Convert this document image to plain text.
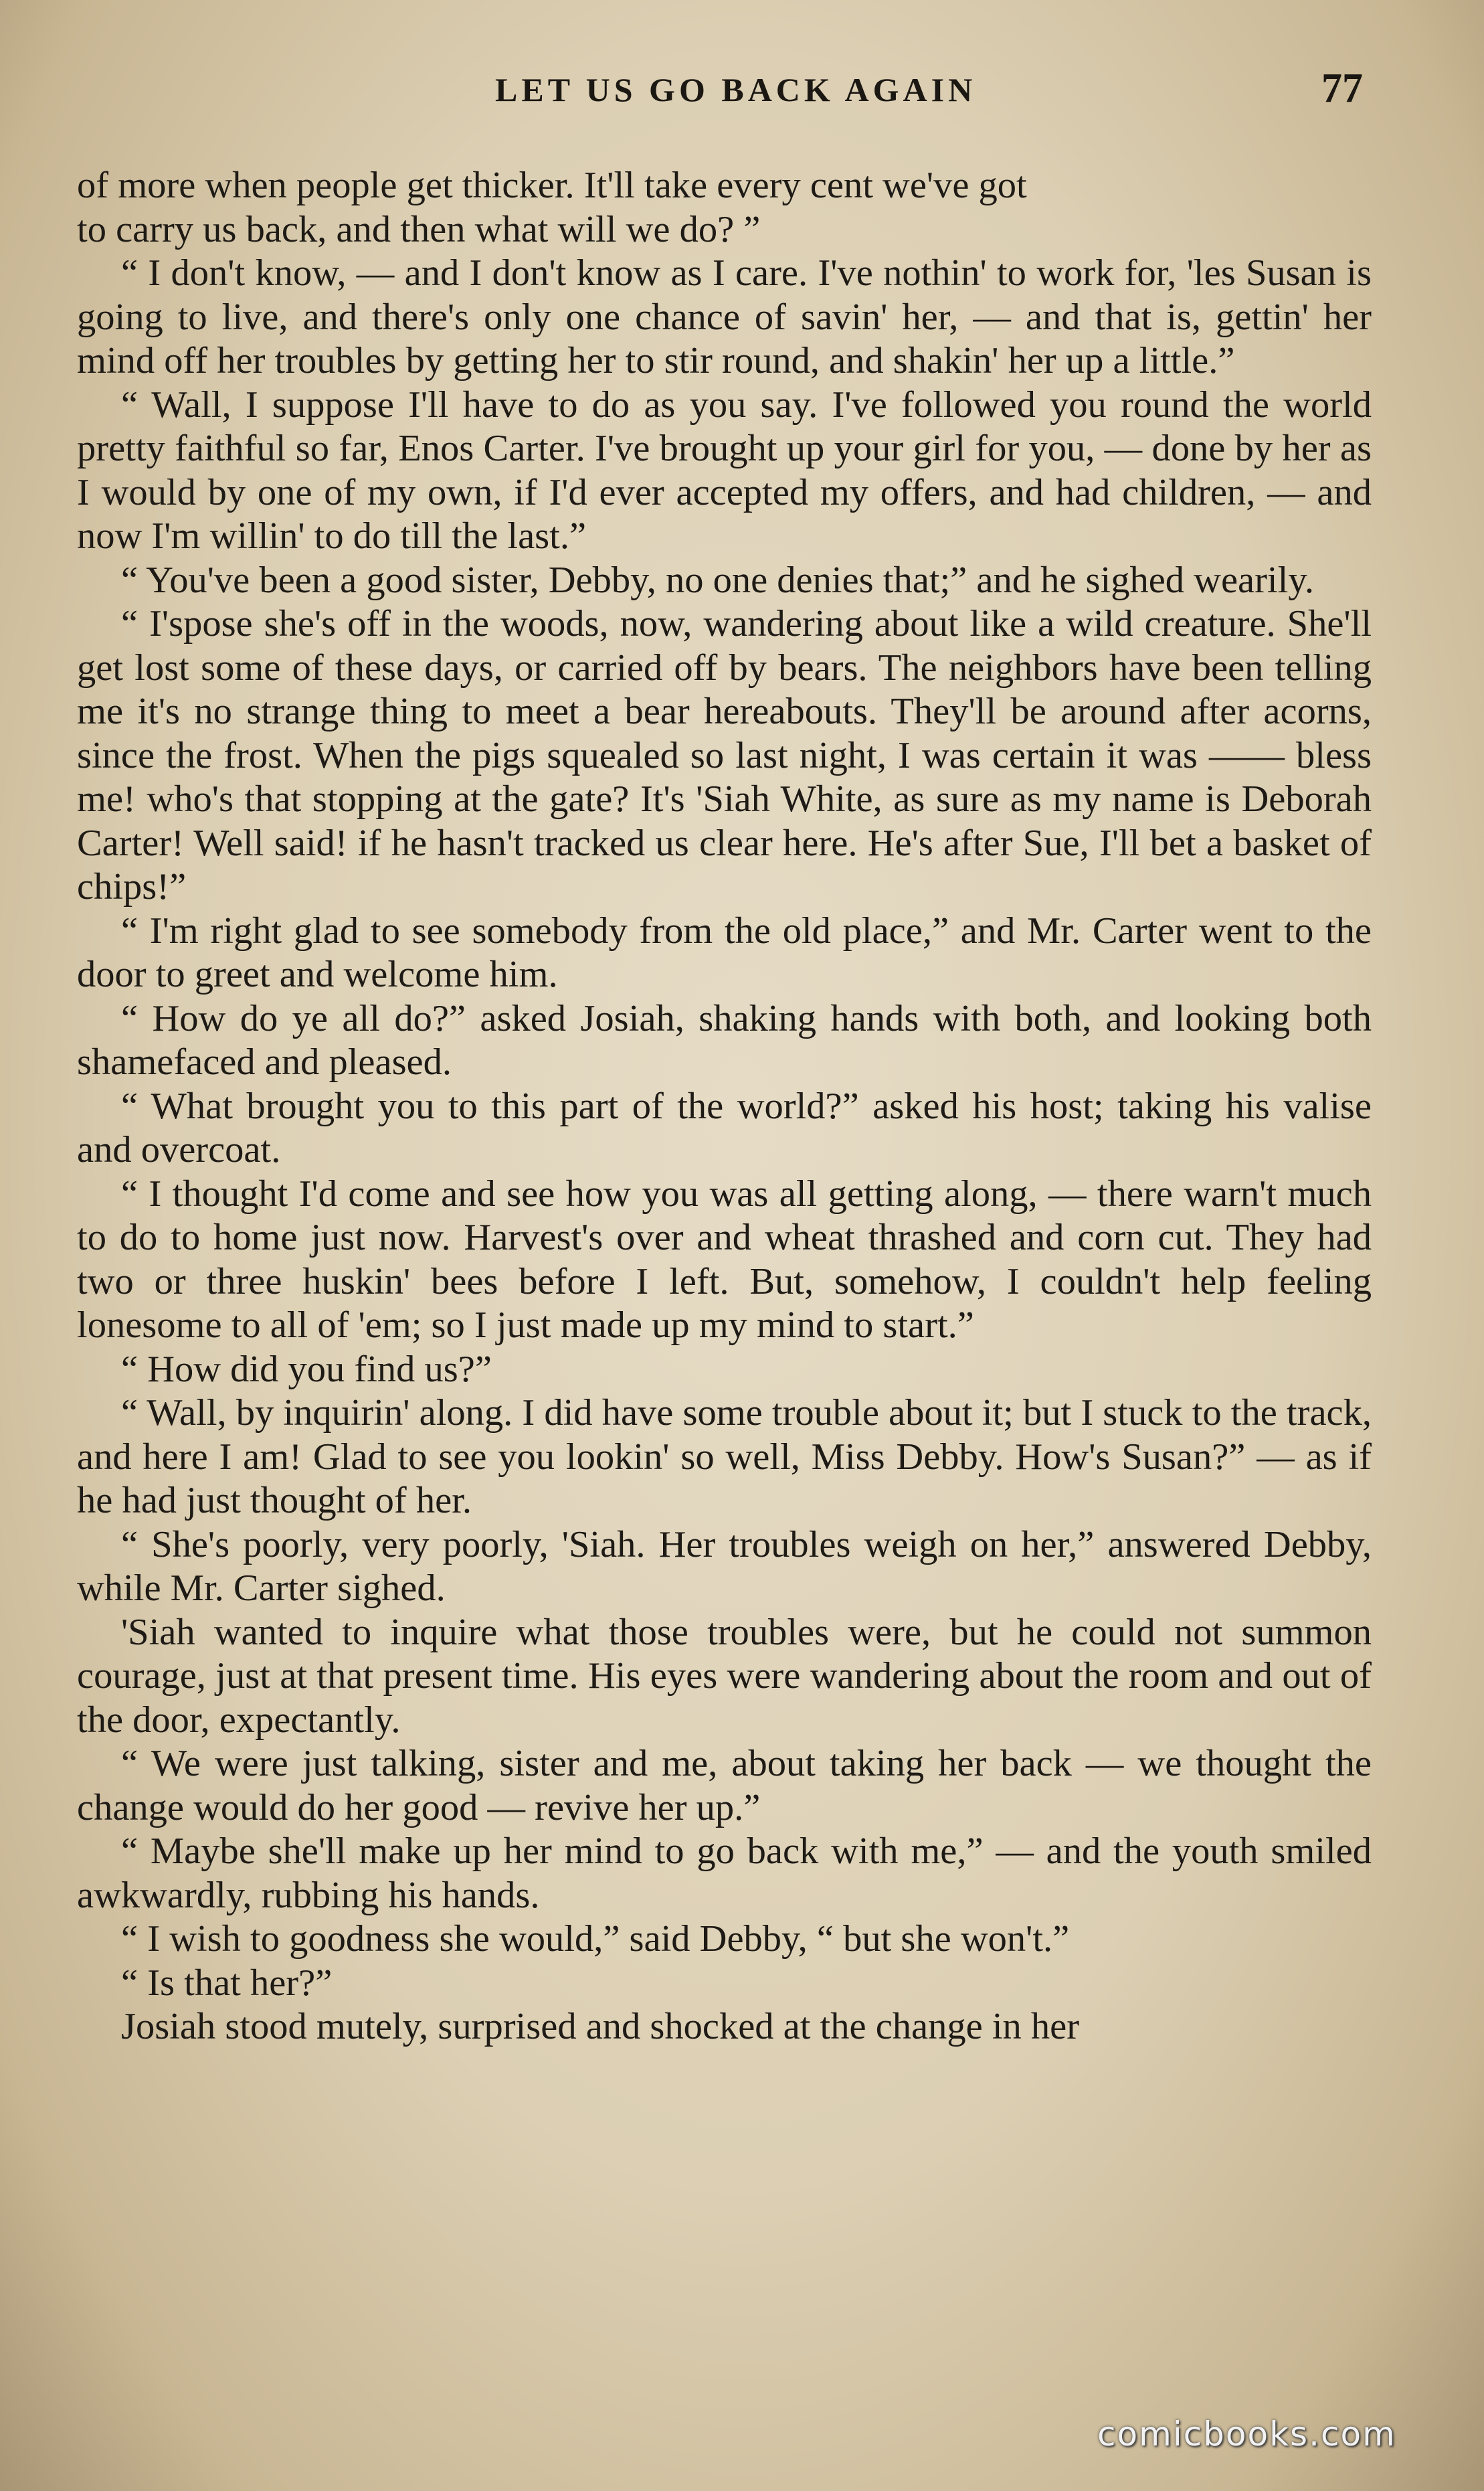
LET US GO BACK AGAIN	77

of more when people get thicker. It'll take every cent we've got
to carry us back, and then what will we do? ”

“ I don't know, — and I don't know as I care. I've nothin' to work for, 'les Susan is going to live, and there's only one chance of savin' her, — and that is, gettin' her mind off her troubles by getting her to stir round, and shakin' her up a little.”

“ Wall, I suppose I'll have to do as you say. I've followed you round the world pretty faithful so far, Enos Carter. I've brought up your girl for you, — done by her as I would by one of my own, if I'd ever accepted my offers, and had children, — and now I'm willin' to do till the last.”

“ You've been a good sister, Debby, no one denies that;” and he sighed wearily.

“ I'spose she's off in the woods, now, wandering about like a wild creature. She'll get lost some of these days, or carried off by bears. The neighbors have been telling me it's no strange thing to meet a bear hereabouts. They'll be around after acorns, since the frost. When the pigs squealed so last night, I was certain it was —— bless me! who's that stopping at the gate? It's 'Siah White, as sure as my name is Deborah Carter! Well said! if he hasn't tracked us clear here. He's after Sue, I'll bet a basket of chips!”

“ I'm right glad to see somebody from the old place,” and Mr. Carter went to the door to greet and welcome him.

“ How do ye all do?” asked Josiah, shaking hands with both, and looking both shamefaced and pleased.

“ What brought you to this part of the world?” asked his host; taking his valise and overcoat.

“ I thought I'd come and see how you was all getting along, — there warn't much to do to home just now. Harvest's over and wheat thrashed and corn cut. They had two or three huskin' bees before I left. But, somehow, I couldn't help feeling lonesome to all of 'em; so I just made up my mind to start.”

“ How did you find us?”

“ Wall, by inquirin' along. I did have some trouble about it; but I stuck to the track, and here I am! Glad to see you lookin' so well, Miss Debby. How's Susan?” — as if he had just thought of her.

“ She's poorly, very poorly, 'Siah. Her troubles weigh on her,” answered Debby, while Mr. Carter sighed.

'Siah wanted to inquire what those troubles were, but he could not summon courage, just at that present time. His eyes were wandering about the room and out of the door, expectantly.

“ We were just talking, sister and me, about taking her back — we thought the change would do her good — revive her up.”

“ Maybe she'll make up her mind to go back with me,” — and the youth smiled awkwardly, rubbing his hands.

“ I wish to goodness she would,” said Debby, “ but she won't.”

“ Is that her?”

Josiah stood mutely, surprised and shocked at the change in her

comicbooks.com
